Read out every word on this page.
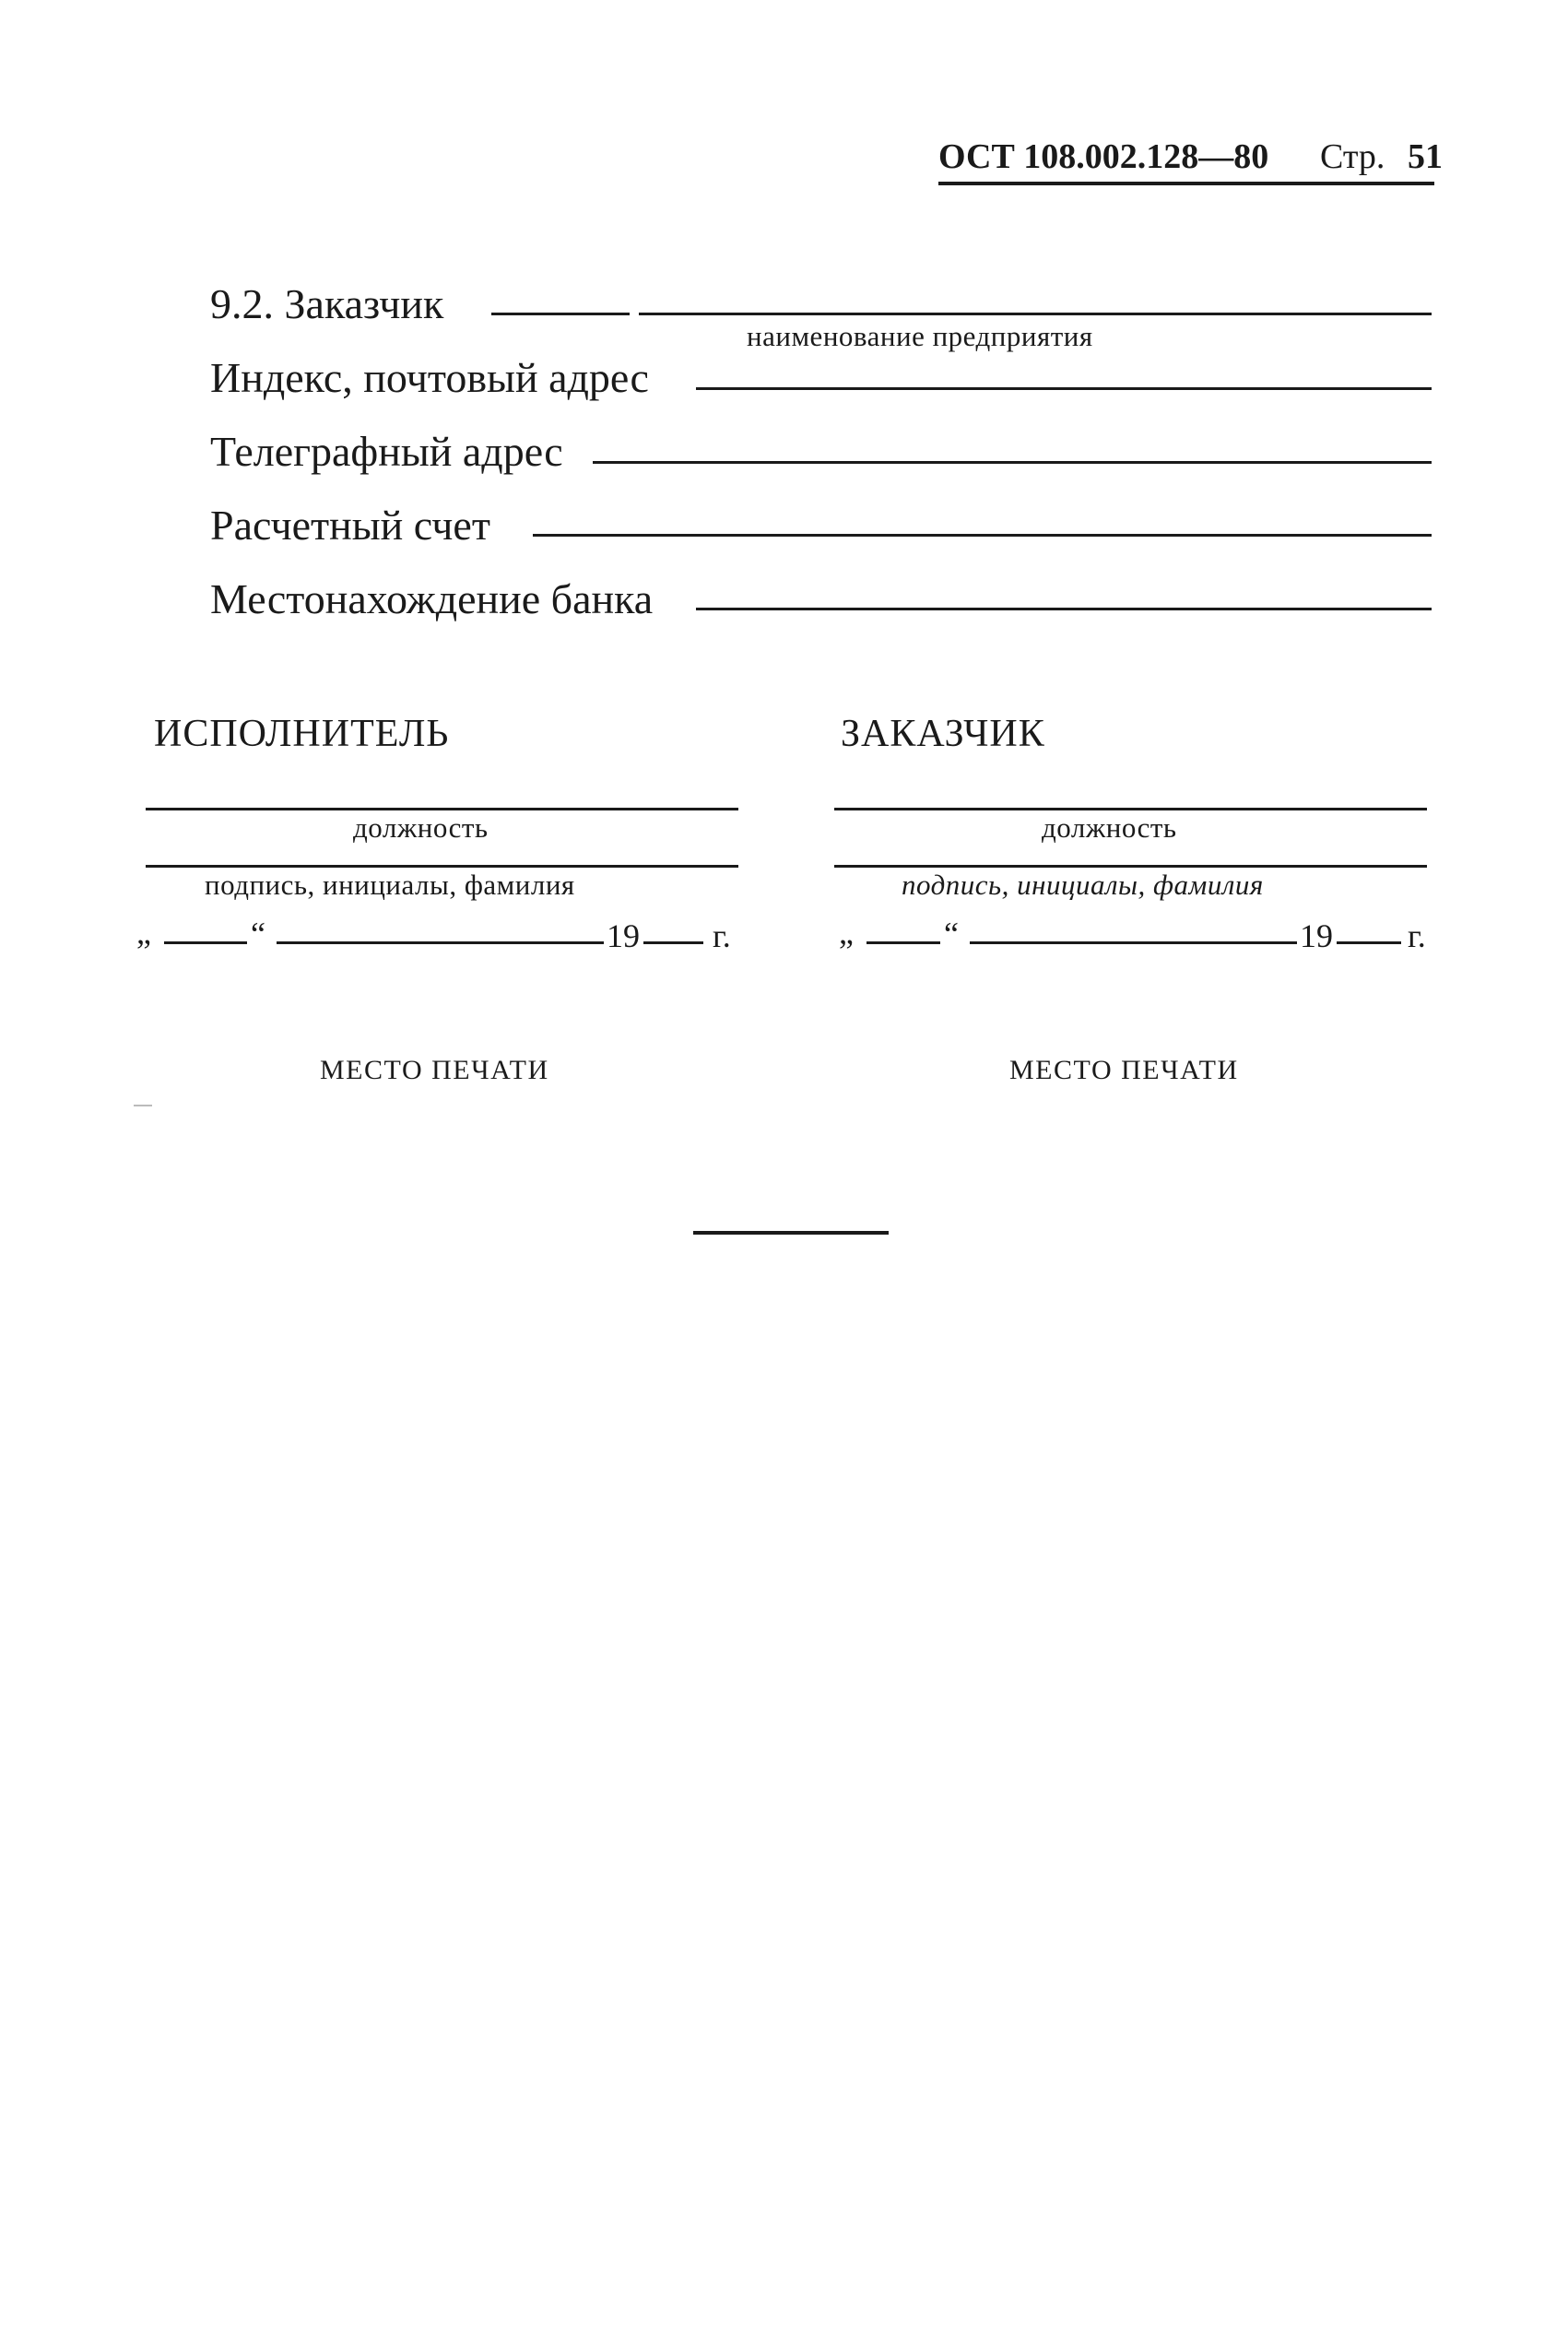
ОСТ 108.002.128—80 Стр. 51
9.2. Заказчик
наименование предприятия
Индекс, почтовый адрес
Телеграфный адрес
Расчетный счет
Местонахождение банка
ИСПОЛНИТЕЛЬ
должность
подпись, инициалы, фамилия
„	“	19 г.
МЕСТО ПЕЧАТИ
ЗАКАЗЧИК
должность
подпись, инициалы, фамилия
„	“	19 г.
МЕСТО ПЕЧАТИ
